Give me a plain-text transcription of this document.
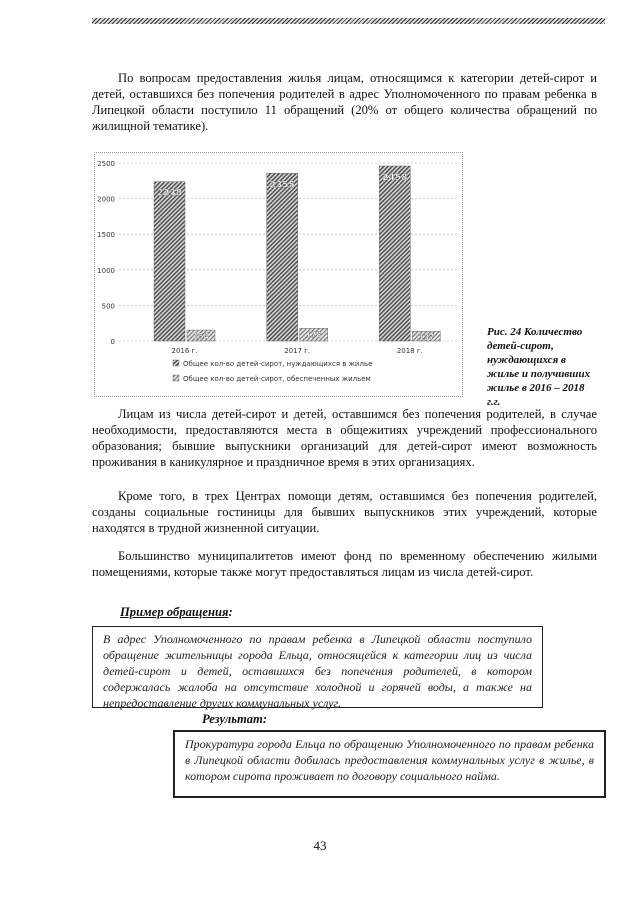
По вопросам предоставления жилья лицам, относящимся к категории детей-сирот и детей, оставшихся без попечения родителей в адрес Уполномоченного по правам ребенка в Липецкой области поступило 11 обращений (20% от общего количества обращений по жилищной тематике).

0
500
1000
1500
2000
2500
2238
154
2355
178
2458
137
2016 г.	2017 г.	2018 г.
Общее кол-во детей-сирот, нуждающихся в жилье
Общее кол-во детей-сирот, обеспеченных жильем

Рис. 24 Количество детей-сирот, нуждающихся в жилье и получивших жилье в 2016 – 2018 г.г.

Лицам из числа детей-сирот и детей, оставшимся без попечения родителей, в случае необходимости, предоставляются места в общежитиях учреждений профессионального образования; бывшие выпускники организаций для детей-сирот имеют возможность проживания в каникулярное и праздничное время в этих организациях.

Кроме того, в трех Центрах помощи детям, оставшимся без попечения родителей, созданы социальные гостиницы для бывших выпускников этих учреждений, которые находятся в трудной жизненной ситуации.

Большинство муниципалитетов имеют фонд по временному обеспечению жилыми помещениями, которые также могут предоставляться лицам из числа детей-сирот.

Пример обращения:

В адрес Уполномоченного по правам ребенка в Липецкой области поступило обращение жительницы города Ельца, относящейся к категории лиц из числа детей-сирот и детей, оставшихся без попечения родителей, в котором содержалась жалоба на отсутствие холодной и горячей воды, а также на непредоставление других коммунальных услуг.

Результат:

Прокуратура города Ельца по обращению Уполномоченного по правам ребенка в Липецкой области добилась предоставления коммунальных услуг в жилье, в котором сирота проживает по договору социального найма.

43
